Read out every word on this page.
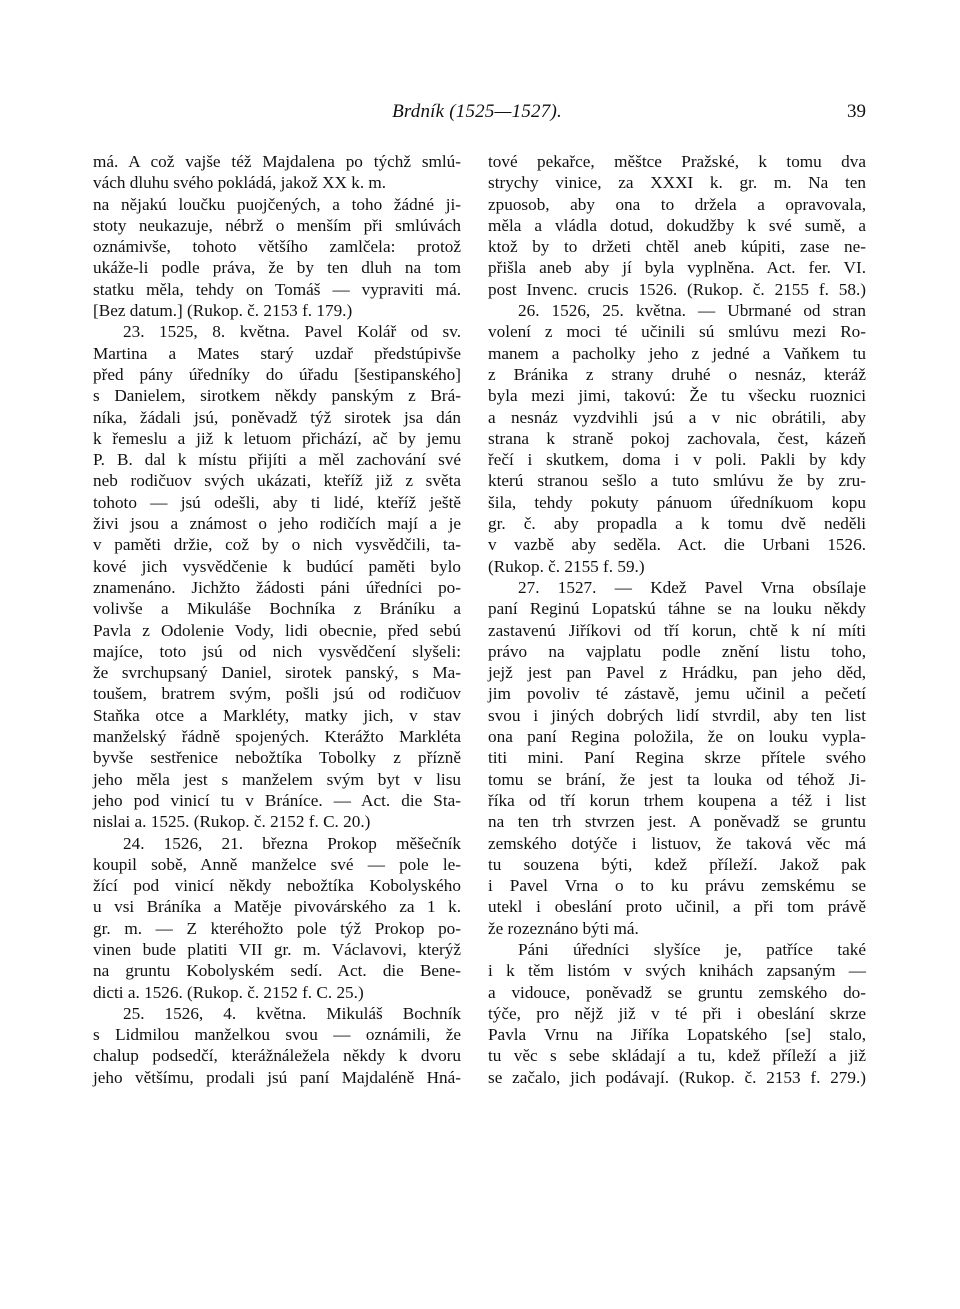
Brdník (1525—1527).	39
má. A což vajše též Majdalena po týchž smlú-
vách dluhu svého pokládá, jakož XX k. m.
na nějakú loučku puojčených, a toho žádné ji-
stoty neukazuje, nébrž o menším při smlúvách
oznámivše, tohoto většího zamlčela: protož
ukáže-li podle práva, že by ten dluh na tom
statku měla, tehdy on Tomáš — vypraviti má.
[Bez datum.] (Rukop. č. 2153 f. 179.)
23. 1525, 8. května. Pavel Kolář od sv.
Martina a Mates starý uzdař předstúpivše
před pány úředníky do úřadu [šestipanského]
s Danielem, sirotkem někdy panským z Brá-
níka, žádali jsú, poněvadž týž sirotek jsa dán
k řemeslu a již k letuom přichází, ač by jemu
P. B. dal k místu přijíti a měl zachování své
neb rodičuov svých ukázati, kteříž již z světa
tohoto — jsú odešli, aby ti lidé, kteříž ještě
živi jsou a známost o jeho rodičích mají a je
v paměti držie, což by o nich vysvědčili, ta-
kové jich vysvědčenie k budúcí paměti bylo
znamenáno. Jichžto žádosti páni úředníci po-
volivše a Mikuláše Bochníka z Bráníku a
Pavla z Odolenie Vody, lidi obecnie, před sebú
majíce, toto jsú od nich vysvědčení slyšeli:
že svrchupsaný Daniel, sirotek panský, s Ma-
toušem, bratrem svým, pošli jsú od rodičuov
Staňka otce a Markléty, matky jich, v stav
manželský řádně spojených. Kterážto Markléta
byvše sestřenice nebožtíka Tobolky z přízně
jeho měla jest s manželem svým byt v lisu
jeho pod vinicí tu v Bráníce. — Act. die Sta-
nislai a. 1525. (Rukop. č. 2152 f. C. 20.)
24. 1526, 21. března Prokop měšečník
koupil sobě, Anně manželce své — pole le-
žící pod vinicí někdy nebožtíka Kobolyského
u vsi Bráníka a Matěje pivovárského za 1 k.
gr. m. — Z kteréhožto pole týž Prokop po-
vinen bude platiti VII gr. m. Václavovi, kterýž
na gruntu Kobolyském sedí. Act. die Bene-
dicti a. 1526. (Rukop. č. 2152 f. C. 25.)
25. 1526, 4. května. Mikuláš Bochník
s Lidmilou manželkou svou — oznámili, že
chalup podsedčí, kterážnáležela někdy k dvoru
jeho většímu, prodali jsú paní Majdaléně Hná-
tové pekařce, měštce Pražské, k tomu dva
strychy vinice, za XXXI k. gr. m. Na ten
zpuosob, aby ona to držela a opravovala,
měla a vládla dotud, dokudžby k své sumě, a
ktož by to držeti chtěl aneb kúpiti, zase ne-
přišla aneb aby jí byla vyplněna. Act. fer. VI.
post Invenc. crucis 1526. (Rukop. č. 2155 f. 58.)
26. 1526, 25. května. — Ubrmané od stran
volení z moci té učinili sú smlúvu mezi Ro-
manem a pacholky jeho z jedné a Vaňkem tu
z Bránika z strany druhé o nesnáz, kteráž
byla mezi jimi, takovú: Že tu všecku ruoznici
a nesnáz vyzdvihli jsú a v nic obrátili, aby
strana k straně pokoj zachovala, čest, kázeň
řečí i skutkem, doma i v poli. Pakli by kdy
kterú stranou sešlo a tuto smlúvu že by zru-
šila, tehdy pokuty pánuom úředníkuom kopu
gr. č. aby propadla a k tomu dvě neděli
v vazbě aby seděla. Act. die Urbani 1526.
(Rukop. č. 2155 f. 59.)
27. 1527. — Kdež Pavel Vrna obsílaje
paní Reginú Lopatskú táhne se na louku někdy
zastavenú Jiříkovi od tří korun, chtě k ní míti
právo na vajplatu podle znění listu toho,
jejž jest pan Pavel z Hrádku, pan jeho děd,
jim povoliv té zástavě, jemu učinil a pečetí
svou i jiných dobrých lidí stvrdil, aby ten list
ona paní Regina položila, že on louku vypla-
titi mini. Paní Regina skrze přítele svého
tomu se brání, že jest ta louka od téhož Ji-
říka od tří korun trhem koupena a též i list
na ten trh stvrzen jest. A poněvadž se gruntu
zemského dotýče i listuov, že taková věc má
tu souzena býti, kdež příleží. Jakož pak
i Pavel Vrna o to ku právu zemskému se
utekl i obeslání proto učinil, a při tom právě
že rozeznáno býti má.
Páni úředníci slyšíce je, patříce také
i k těm listóm v svých knihách zapsaným —
a vidouce, poněvadž se gruntu zemského do-
týče, pro nějž již v té při i obeslání skrze
Pavla Vrnu na Jiříka Lopatského [se] stalo,
tu věc s sebe skládají a tu, kdež příleží a již
se začalo, jich podávají. (Rukop. č. 2153 f. 279.)
